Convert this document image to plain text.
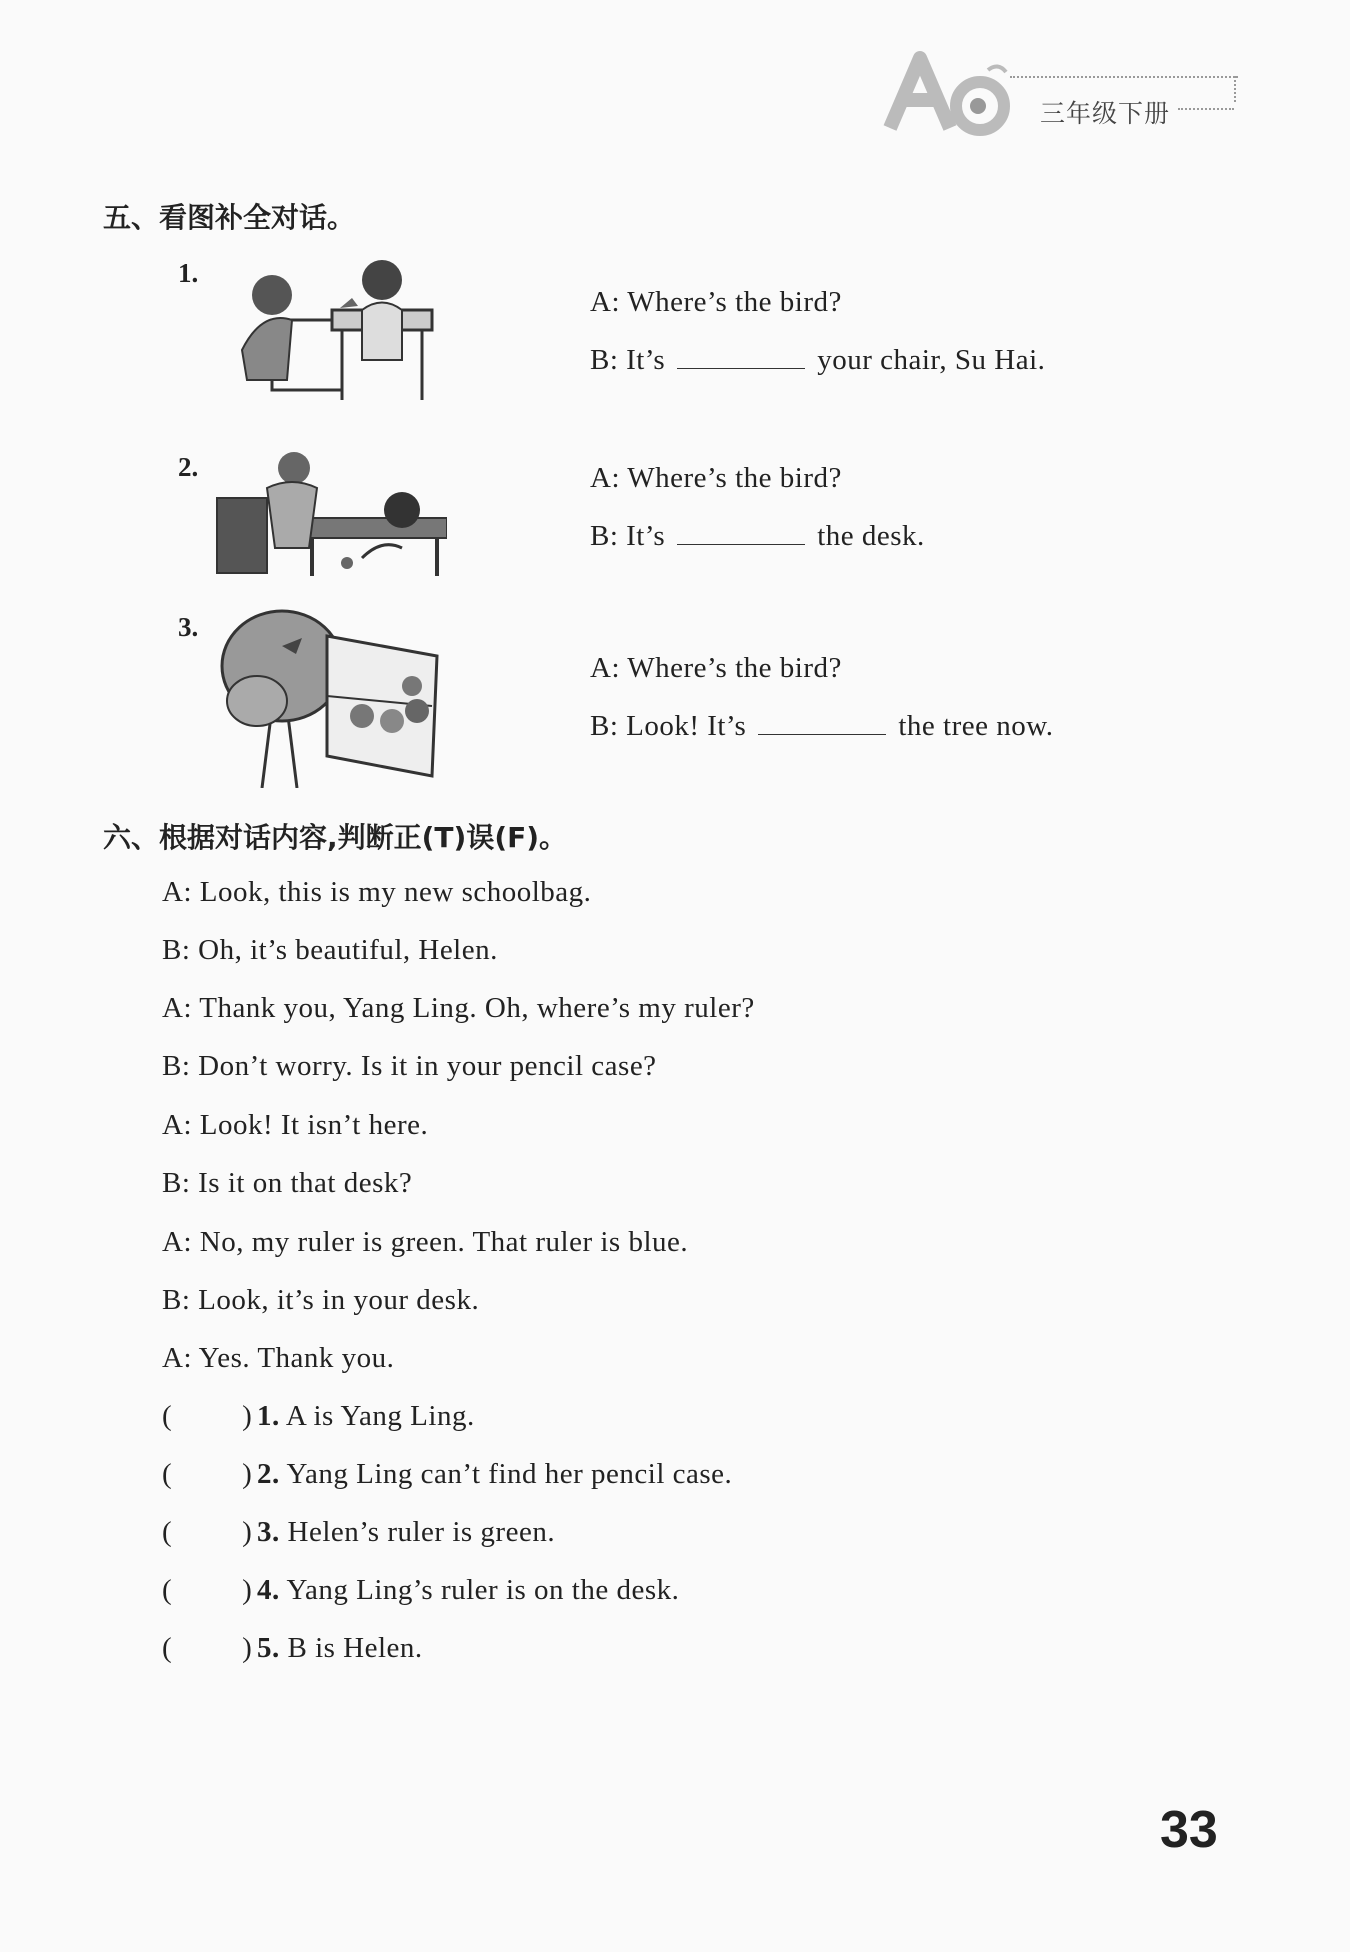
三年级下册
五、看图补全对话。
1.
A: Where’s the bird?
B: It’s	your chair, Su Hai.
2.	A: Where’s the bird?
B: It’s	the desk.
3.
A: Where’s the bird?
B: Look! It’s	the tree now.
六、根据对话内容,判断正(T)误(F)。
A: Look, this is my new schoolbag.
B: Oh, it’s beautiful, Helen.
A: Thank you, Yang Ling. Oh, where’s my ruler?
B: Don’t worry. Is it in your pencil case?
A: Look! It isn’t here.
B: Is it on that desk?
A: No, my ruler is green. That ruler is blue.
B: Look, it’s in your desk.
A: Yes. Thank you.
( ) 1. A is Yang Ling.
( ) 2. Yang Ling can’t find her pencil case.
( ) 3. Helen’s ruler is green.
( ) 4. Yang Ling’s ruler is on the desk.
( ) 5. B is Helen.
33
